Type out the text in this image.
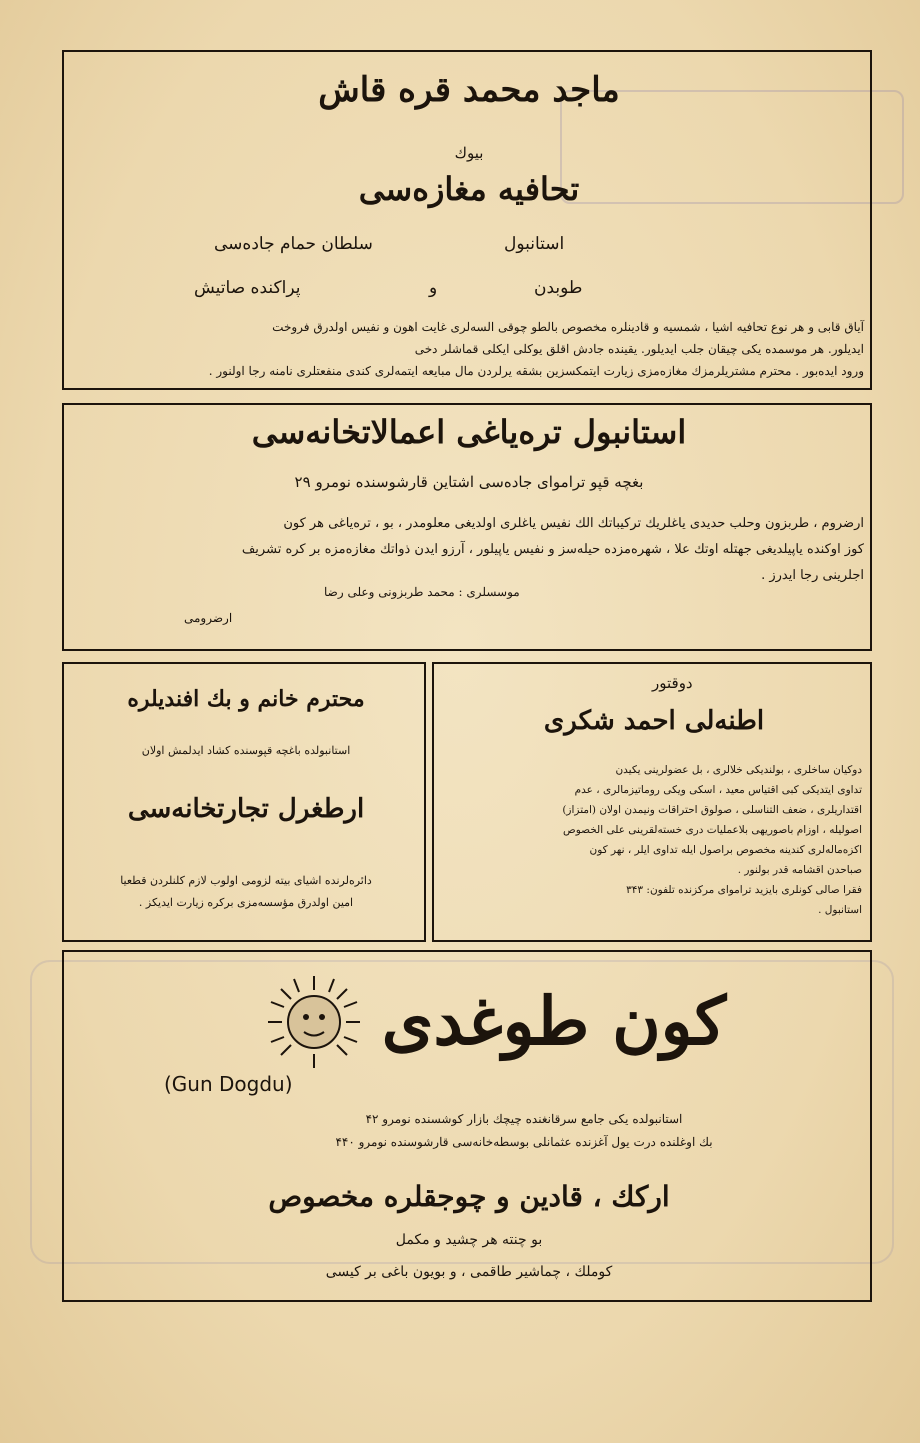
ماجد محمد قره قاش
بیوك
تحافیه مغازه‌سی
استانبول
سلطان حمام جاده‌سی
طوبدن
و
پراکنده صاتیش
آیاق قابی و هر نوع تحافیه اشیا ، شمسیه و قادینلره مخصوص بالطو چوقی السه‌لری غایت اهون و نفیس اولدرق فروخت
ایدیلور. هر موسمده یکی چیقان جلب ایدیلور. یقینده جادش اقلق یوکلی ایکلی قماشلر دخی
ورود ایده‌بور . محترم مشتریلرمزك مغازه‌مزی زیارت ایتمکسزین بشقه یرلردن مال مبایعه ایتمه‌لری کندی منفعتلری نامنه رجا اولنور .
استانبول تره‌یاغی اعمالاتخانه‌سی
بغچه قپو ترامواى جاده‌سی اشتاین قارشوسنده نومرو ۲۹
ارضروم ، طربزون وحلب حدیدی یاغلریك ترکیباتك الك نفیس یاغلری اولدیغی معلومدر ، بو ، تره‌یاغی هر کون
کوز اوکنده یاپیلدیغی جهتله اوتك علا ، شهره‌مزده حیله‌سز و نفیس یاپیلور ، آرزو ایدن ذواتك مغازه‌مزه بر کره تشریف
اجلرینی رجا ایدرز .
موسسلری : محمد طربزونی وعلی رضا
ارضرومی
محترم خانم و بك افندیلره
استانبولده باغچه قپوسنده کشاد ایدلمش اولان
ارطغرل تجارتخانه‌سی
دائره‌لرنده اشیای بیته لزومی اولوب لازم کلنلردن قطعیا
امین اولدرق مؤسسه‌مزی برکره زیارت ایدیکز .
دوقتور
اطنه‌لی احمد شکری
دوکیان ساخلری ، بولندیکی خلالری ، بل عضولرینی یکیدن
تداوی ایتدیکی کبی اقتیاس معید ، اسکی ویکی روماتیزمالری ، عدم
اقتداریلری ، ضعف التناسلی ، صولوق احتراقات ونیمدن اولان (امتزاز)
اصولیله ، اوزام باصوریهی بلاعملیات دری خسته‌لقرینی علی الخصوص
اکزه‌ماله‌لری کندینه مخصوص براصول ایله تداوی ایلر ، نهر کون
صباحدن اقشامه قدر بولنور .
فقرا صالی کونلری بایزید ترامواى مرکزنده تلفون: ۳۴۳
استانبول .
کون طوغدی
(Gun Dogdu)
استانبولده یکی جامع سرقانغنده چیچك بازار کوشسنده نومرو ۴۲
بك اوغلنده درت یول آغزنده عثمانلی بوسطه‌خانه‌سی قارشوسنده نومرو ۴۴۰
ارکك ، قادین و چوجقلره مخصوص
بو چنته هر چشید و مکمل
کوملك ، چماشیر طاقمی ، و بویون باغی بر کیسی
